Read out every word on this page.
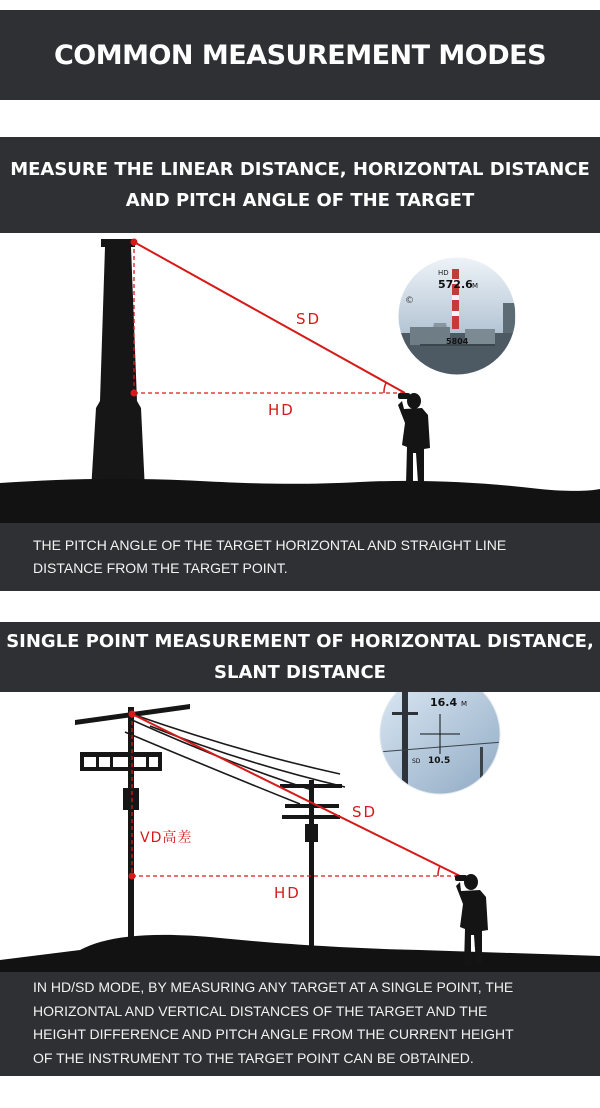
COMMON MEASUREMENT MODES
MEASURE THE LINEAR DISTANCE, HORIZONTAL DISTANCE
AND PITCH ANGLE OF THE TARGET
SD
HD
HD
572.6 M
©
5804
THE PITCH ANGLE OF THE TARGET HORIZONTAL AND STRAIGHT LINE
DISTANCE FROM THE TARGET POINT.
SINGLE POINT MEASUREMENT OF HORIZONTAL DISTANCE,
SLANT DISTANCE
16.4 M
SD 10.5
SD
HD
VD高差
IN HD/SD MODE, BY MEASURING ANY TARGET AT A SINGLE POINT, THE
HORIZONTAL AND VERTICAL DISTANCES OF THE TARGET AND THE
HEIGHT DIFFERENCE AND PITCH ANGLE FROM THE CURRENT HEIGHT
OF THE INSTRUMENT TO THE TARGET POINT CAN BE OBTAINED.
